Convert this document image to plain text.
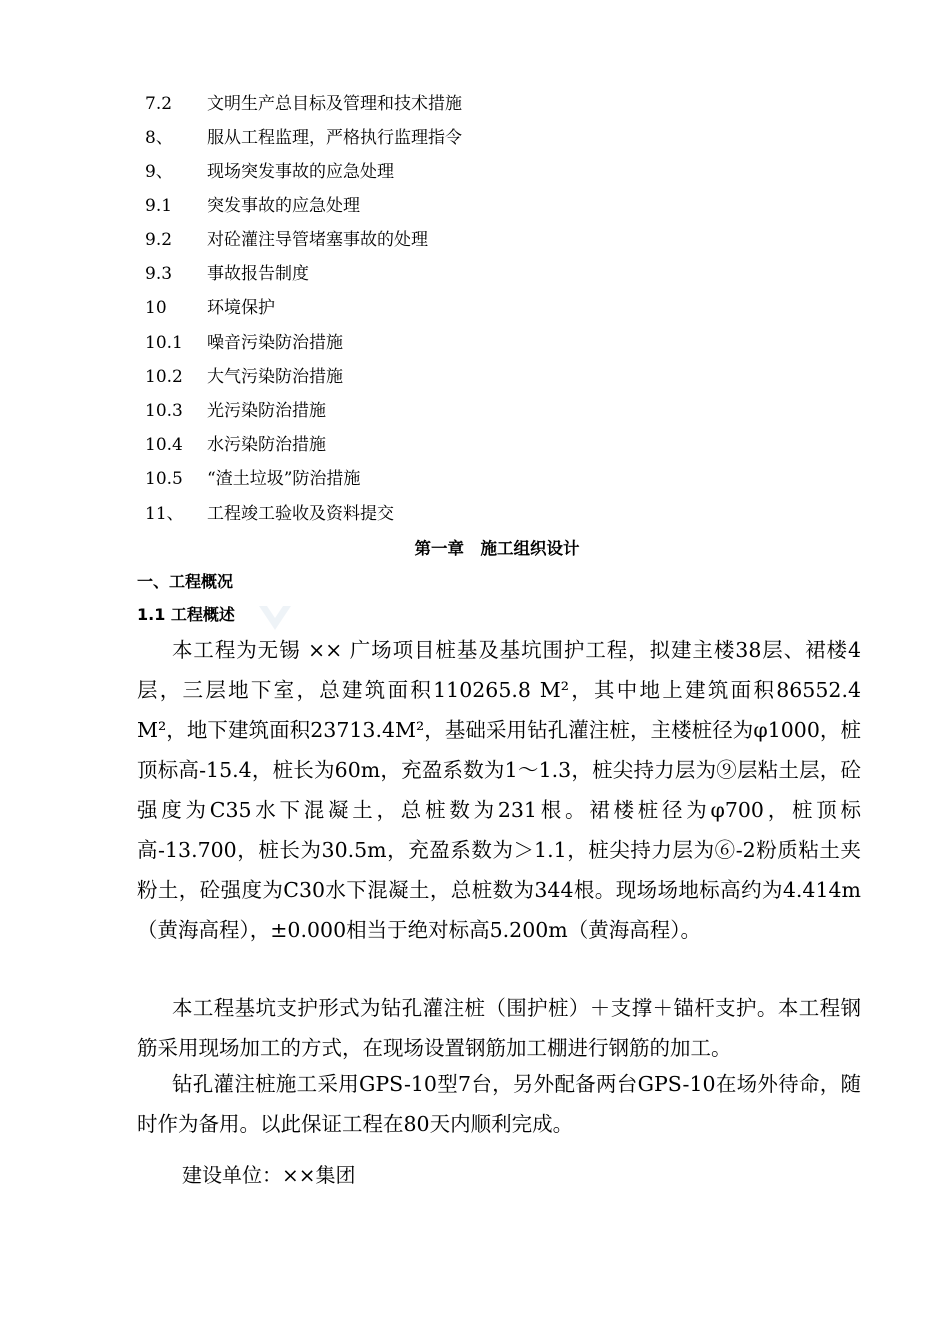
7.2 文明生产总目标及管理和技术措施
8、 服从工程监理，严格执行监理指令
9、 现场突发事故的应急处理
9.1 突发事故的应急处理
9.2 对砼灌注导管堵塞事故的处理
9.3 事故报告制度
10 环境保护
10.1 噪音污染防治措施
10.2 大气污染防治措施
10.3 光污染防治措施
10.4 水污染防治措施
10.5 “渣土垃圾”防治措施
11、 工程竣工验收及资料提交
第一章　施工组织设计
一、工程概况
1.1 工程概述

本工程为无锡 ×× 广场项目桩基及基坑围护工程，拟建主楼38层、裙楼4层，三层地下室，总建筑面积110265.8 M²，其中地上建筑面积86552.4 M²，地下建筑面积23713.4M²，基础采用钻孔灌注桩，主楼桩径为φ1000，桩顶标高-15.4，桩长为60m，充盈系数为1～1.3，桩尖持力层为⑨层粘土层，砼强度为C35水下混凝土，总桩数为231根。裙楼桩径为φ700，桩顶标高-13.700，桩长为30.5m，充盈系数为＞1.1，桩尖持力层为⑥-2粉质粘土夹粉土，砼强度为C30水下混凝土，总桩数为344根。现场场地标高约为4.414m（黄海高程），±0.000相当于绝对标高5.200m（黄海高程）。

本工程基坑支护形式为钻孔灌注桩（围护桩）＋支撑＋锚杆支护。本工程钢筋采用现场加工的方式，在现场设置钢筋加工棚进行钢筋的加工。

钻孔灌注桩施工采用GPS-10型7台，另外配备两台GPS-10在场外待命，随时作为备用。以此保证工程在80天内顺利完成。

建设单位：××集团
